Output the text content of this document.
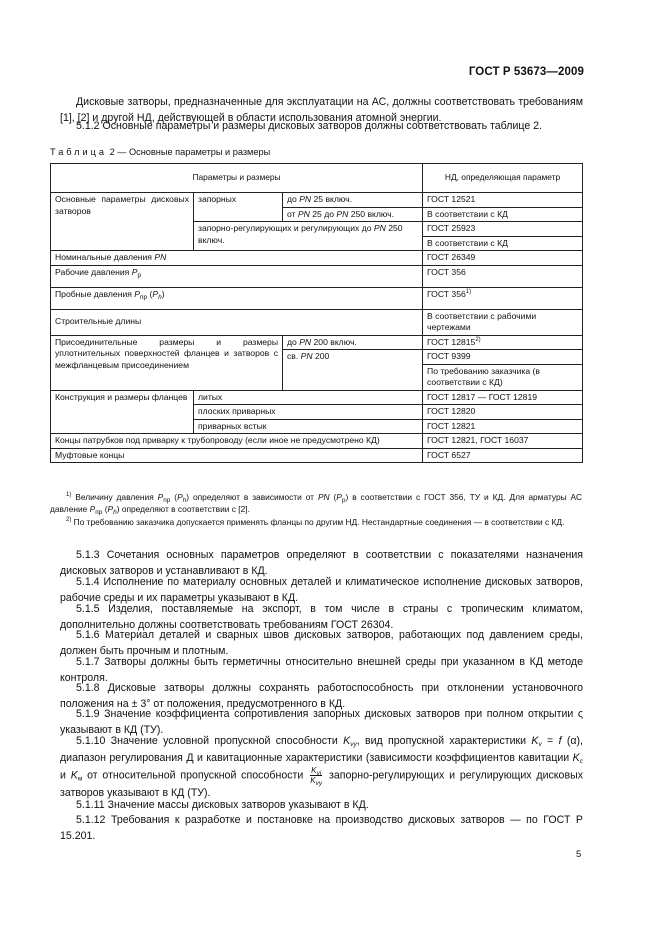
ГОСТ Р 53673—2009
Дисковые затворы, предназначенные для эксплуатации на АС, должны соответствовать требованиям [1], [2] и другой НД, действующей в области использования атомной энергии.
5.1.2 Основные параметры и размеры дисковых затворов должны соответствовать таблице 2.
Таблица 2 — Основные параметры и размеры
Параметры и размеры			НД, определяющая параметр
Основные параметры дисковых затворов	запорных	до PN 25 включ.	ГОСТ 12521
		от PN 25 до PN 250 включ.	В соответствии с КД
	запорно-регулирующих и регулирующих до PN 250 включ.		ГОСТ 25923
			В соответствии с КД
Номинальные давления PN			ГОСТ 26349
Рабочие давления $P_р$			ГОСТ 356
Пробные давления $P_{пр}$ $(P_h)$			ГОСТ 356$^{1)}$
Строительные длины			В соответствии с рабочими чертежами
Присоединительные размеры и размеры уплотнительных поверхностей фланцев и затворов с межфланцевым присоединением		до PN 200 включ.	ГОСТ 12815$^{2)}$
		св. PN 200	ГОСТ 9399
			По требованию заказчика (в соответствии с КД)
Конструкция и размеры фланцев	литых		ГОСТ 12817 — ГОСТ 12819
	плоских приварных		ГОСТ 12820
	приварных встык		ГОСТ 12821
Концы патрубков под приварку к трубопроводу (если иное не предусмотрено КД)			ГОСТ 12821, ГОСТ 16037
Муфтовые концы			ГОСТ 6527
$^{1)}$ Величину давления $P_{пр}$ $(P_h)$ определяют в зависимости от PN $(P_р)$ в соответствии с ГОСТ 356, ТУ и КД. Для арматуры АС давление $P_{пр}$ $(P_h)$ определяют в соответствии с [2].
$^{2)}$ По требованию заказчика допускается применять фланцы по другим НД. Нестандартные соединения — в соответствии с КД.
5.1.3 Сочетания основных параметров определяют в соответствии с показателями назначения дисковых затворов и устанавливают в КД.
5.1.4 Исполнение по материалу основных деталей и климатическое исполнение дисковых затворов, рабочие среды и их параметры указывают в КД.
5.1.5 Изделия, поставляемые на экспорт, в том числе в страны с тропическим климатом, дополнительно должны соответствовать требованиям ГОСТ 26304.
5.1.6 Материал деталей и сварных швов дисковых затворов, работающих под давлением среды, должен быть прочным и плотным.
5.1.7 Затворы должны быть герметичны относительно внешней среды при указанном в КД методе контроля.
5.1.8 Дисковые затворы должны сохранять работоспособность при отклонении установочного положения на ± 3° от положения, предусмотренного в КД.
5.1.9 Значение коэффициента сопротивления запорных дисковых затворов при полном открытии ς указывают в КД (ТУ).
5.1.10 Значение условной пропускной способности $K_{vy}$, вид пропускной характеристики $K_v = f$ (α), диапазон регулирования Д и кавитационные характеристики (зависимости коэффициентов кавитации $K_c$ и $K_м$ от относительной пропускной способности $\frac{K_{vi}}{K_{vy}}$ запорно-регулирующих и регулирующих дисковых затворов указывают в КД (ТУ).
5.1.11 Значение массы дисковых затворов указывают в КД.
5.1.12 Требования к разработке и постановке на производство дисковых затворов — по ГОСТ Р 15.201.
5
